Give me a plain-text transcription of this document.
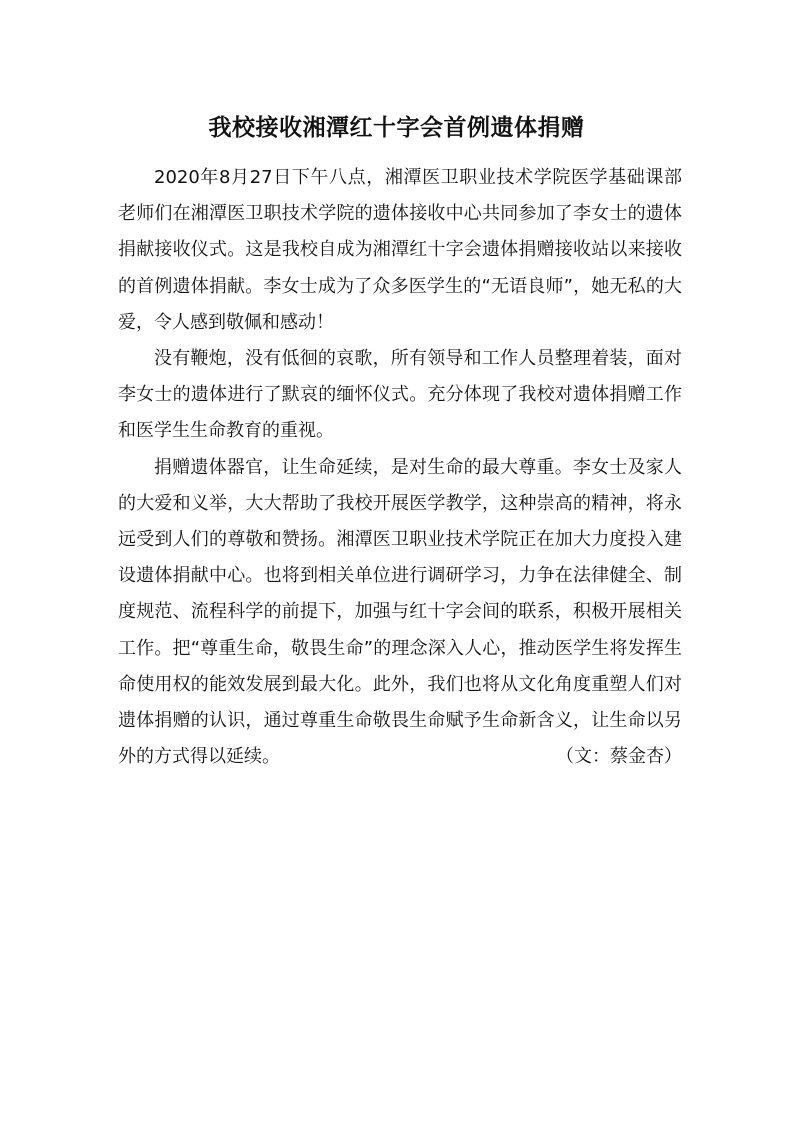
我校接收湘潭红十字会首例遗体捐赠

2020年8月27日下午八点，湘潭医卫职业技术学院医学基础课部老师们在湘潭医卫职技术学院的遗体接收中心共同参加了李女士的遗体捐献接收仪式。这是我校自成为湘潭红十字会遗体捐赠接收站以来接收的首例遗体捐献。李女士成为了众多医学生的“无语良师”，她无私的大爱，令人感到敬佩和感动！

没有鞭炮，没有低徊的哀歌，所有领导和工作人员整理着装，面对李女士的遗体进行了默哀的缅怀仪式。充分体现了我校对遗体捐赠工作和医学生生命教育的重视。

捐赠遗体器官，让生命延续，是对生命的最大尊重。李女士及家人的大爱和义举，大大帮助了我校开展医学教学，这种崇高的精神，将永远受到人们的尊敬和赞扬。湘潭医卫职业技术学院正在加大力度投入建设遗体捐献中心。也将到相关单位进行调研学习，力争在法律健全、制度规范、流程科学的前提下，加强与红十字会间的联系，积极开展相关工作。把“尊重生命，敬畏生命”的理念深入人心，推动医学生将发挥生命使用权的能效发展到最大化。此外，我们也将从文化角度重塑人们对遗体捐赠的认识，通过尊重生命敬畏生命赋予生命新含义，让生命以另外的方式得以延续。	（文：蔡金杏）
